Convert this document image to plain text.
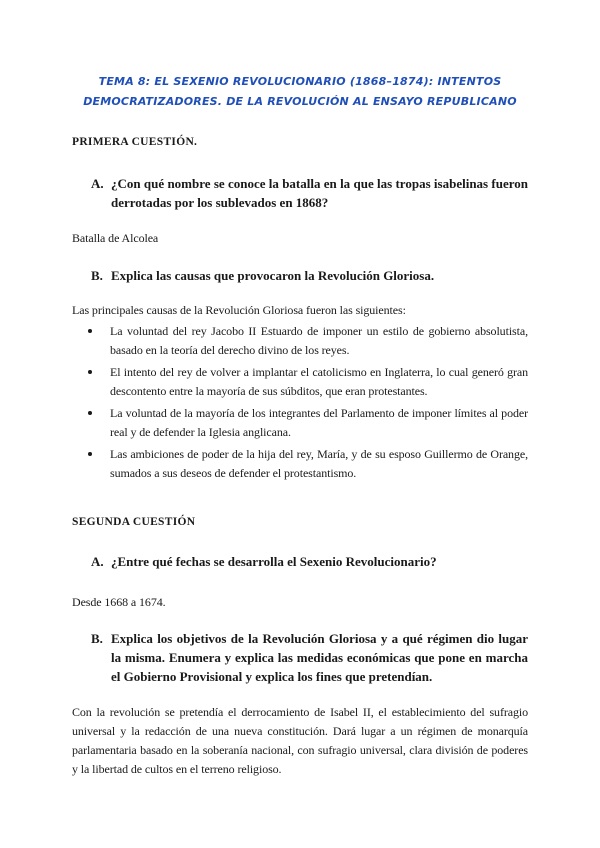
TEMA 8: EL SEXENIO REVOLUCIONARIO (1868–1874): INTENTOS
DEMOCRATIZADORES. DE LA REVOLUCIÓN AL ENSAYO REPUBLICANO
PRIMERA CUESTIÓN.
A. ¿Con qué nombre se conoce la batalla en la que las tropas isabelinas fueron derrotadas por los sublevados en 1868?
Batalla de Alcolea
B. Explica las causas que provocaron la Revolución Gloriosa.
Las principales causas de la Revolución Gloriosa fueron las siguientes:
La voluntad del rey Jacobo II Estuardo de imponer un estilo de gobierno absolutista, basado en la teoría del derecho divino de los reyes.
El intento del rey de volver a implantar el catolicismo en Inglaterra, lo cual generó gran descontento entre la mayoría de sus súbditos, que eran protestantes.
La voluntad de la mayoría de los integrantes del Parlamento de imponer límites al poder real y de defender la Iglesia anglicana.
Las ambiciones de poder de la hija del rey, María, y de su esposo Guillermo de Orange, sumados a sus deseos de defender el protestantismo.
SEGUNDA CUESTIÓN
A. ¿Entre qué fechas se desarrolla el Sexenio Revolucionario?
Desde 1668 a 1674.
B. Explica los objetivos de la Revolución Gloriosa y a qué régimen dio lugar la misma. Enumera y explica las medidas económicas que pone en marcha el Gobierno Provisional y explica los fines que pretendían.
Con la revolución se pretendía el derrocamiento de Isabel II, el establecimiento del sufragio universal y la redacción de una nueva constitución. Dará lugar a un régimen de monarquía parlamentaria basado en la soberanía nacional, con sufragio universal, clara división de poderes y la libertad de cultos en el terreno religioso.
